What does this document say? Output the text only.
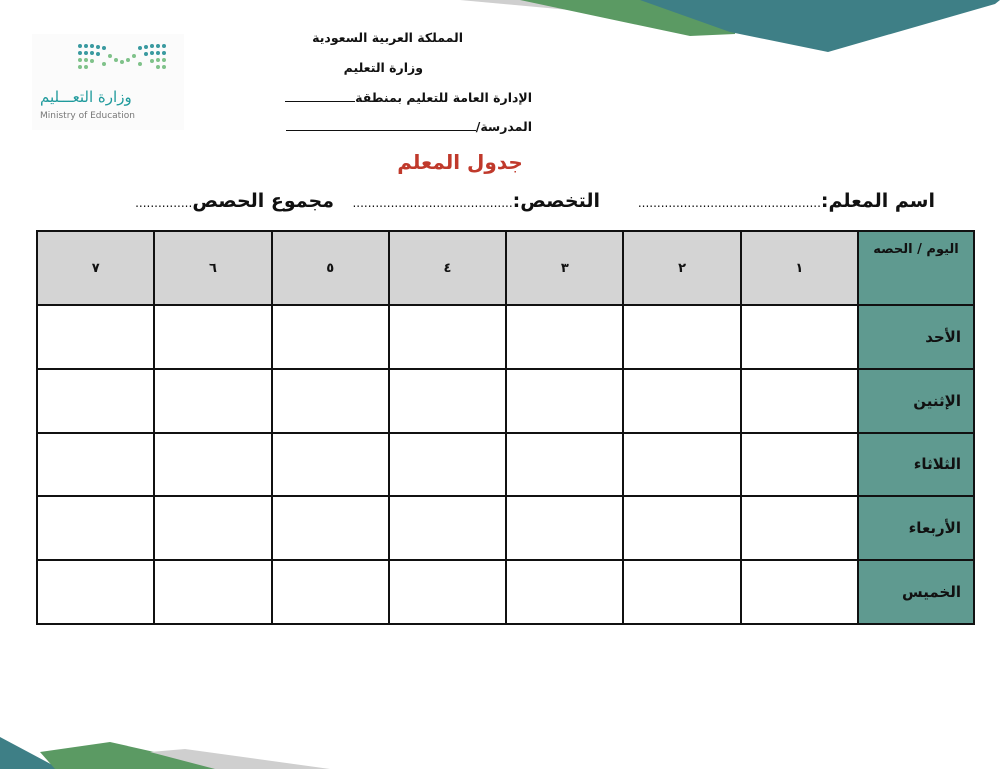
وزارة التعـــليم
Ministry of Education
المملكة العربية السعودية
وزارة التعليم
الإدارة العامة للتعليم بمنطقة
المدرسة/
جدول المعلم
اسم المعلم:................................................
التخصص:..........................................
مجموع الحصص...............
اليوم / الحصه	١	٢	٣	٤	٥	٦	٧
الأحد							
الإثنين							
الثلاثاء							
الأربعاء							
الخميس							
